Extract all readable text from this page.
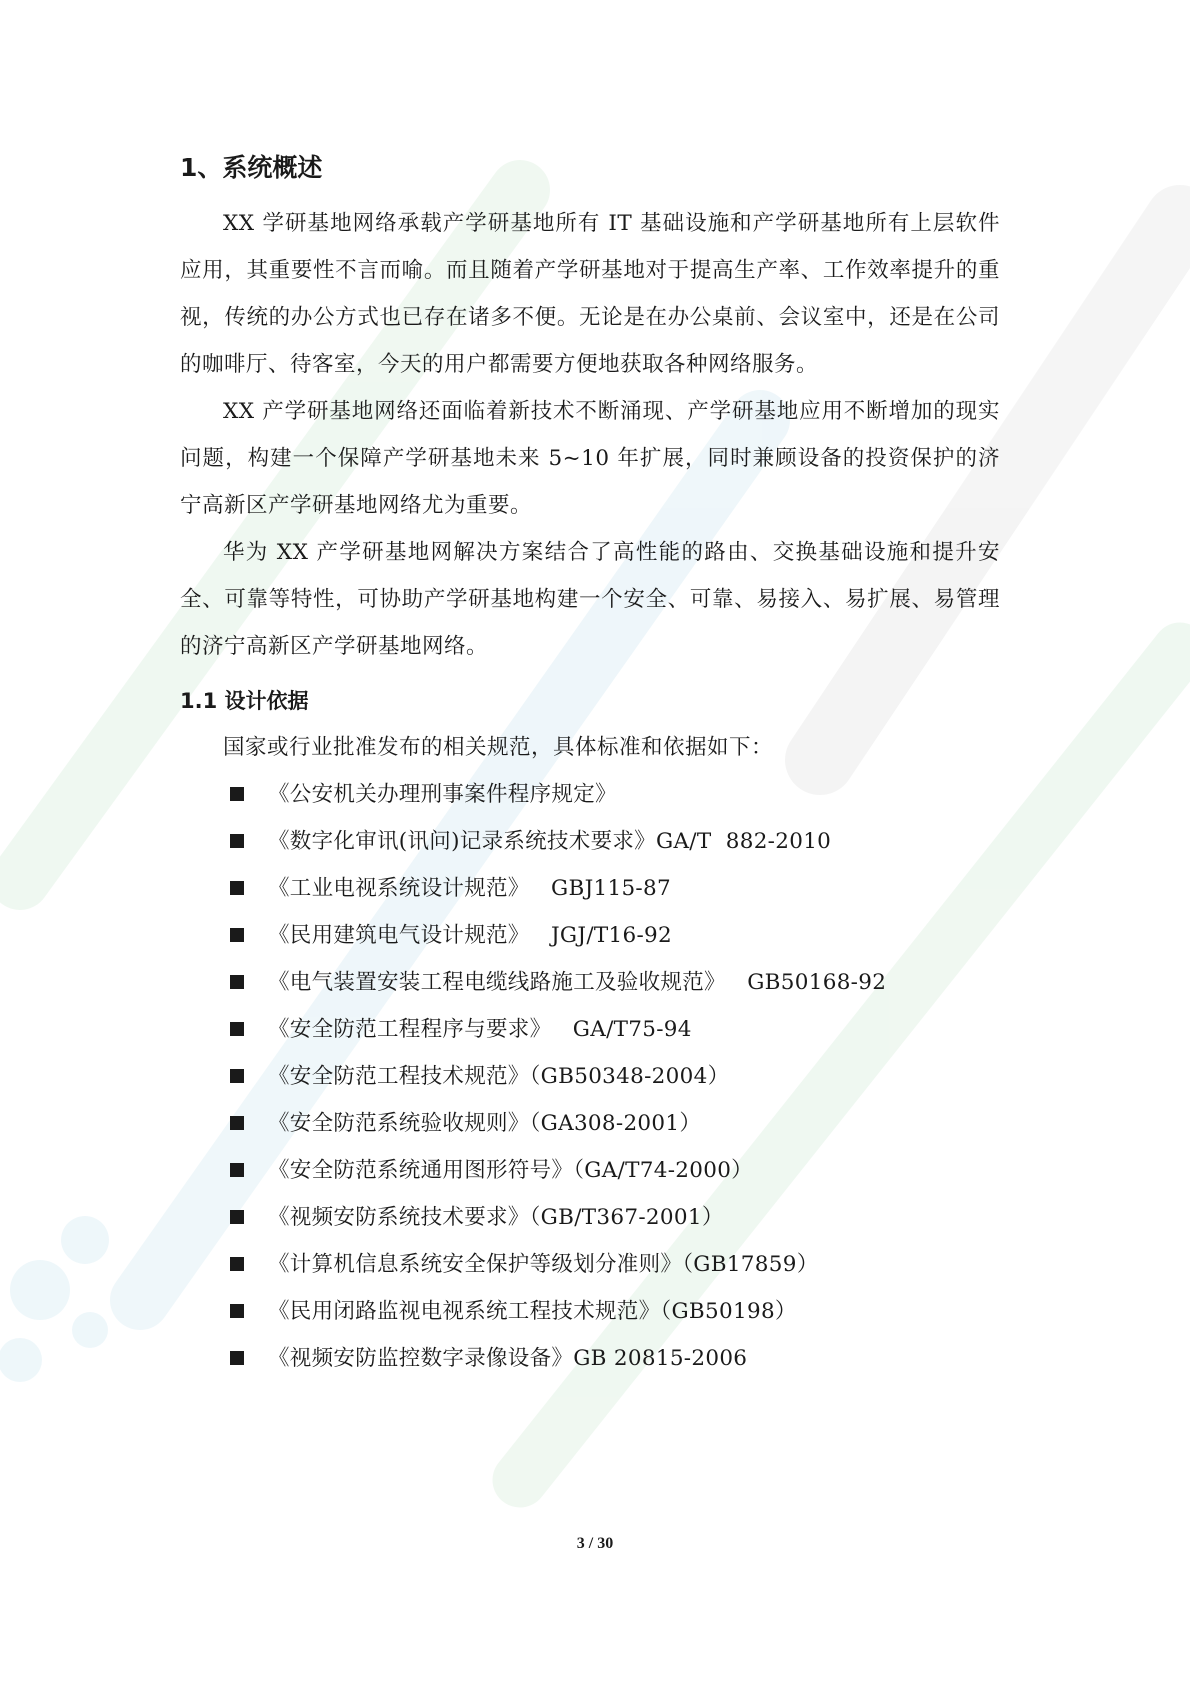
1、系统概述

XX 学研基地网络承载产学研基地所有 IT 基础设施和产学研基地所有上层软件应用，其重要性不言而喻。而且随着产学研基地对于提高生产率、工作效率提升的重视，传统的办公方式也已存在诸多不便。无论是在办公桌前、会议室中，还是在公司的咖啡厅、待客室，今天的用户都需要方便地获取各种网络服务。

XX 产学研基地网络还面临着新技术不断涌现、产学研基地应用不断增加的现实问题，构建一个保障产学研基地未来 5~10 年扩展，同时兼顾设备的投资保护的济宁高新区产学研基地网络尤为重要。

华为 XX 产学研基地网解决方案结合了高性能的路由、交换基础设施和提升安全、可靠等特性，可协助产学研基地构建一个安全、可靠、易接入、易扩展、易管理的济宁高新区产学研基地网络。

1.1 设计依据

国家或行业批准发布的相关规范，具体标准和依据如下：

《公安机关办理刑事案件程序规定》
《数字化审讯(讯问)记录系统技术要求》GA/T  882-2010
《工业电视系统设计规范》   GBJ115-87
《民用建筑电气设计规范》   JGJ/T16-92
《电气装置安装工程电缆线路施工及验收规范》   GB50168-92
《安全防范工程程序与要求》   GA/T75-94
《安全防范工程技术规范》（GB50348-2004）
《安全防范系统验收规则》（GA308-2001）
《安全防范系统通用图形符号》（GA/T74-2000）
《视频安防系统技术要求》（GB/T367-2001）
《计算机信息系统安全保护等级划分准则》（GB17859）
《民用闭路监视电视系统工程技术规范》（GB50198）
《视频安防监控数字录像设备》GB 20815-2006
3 / 30
